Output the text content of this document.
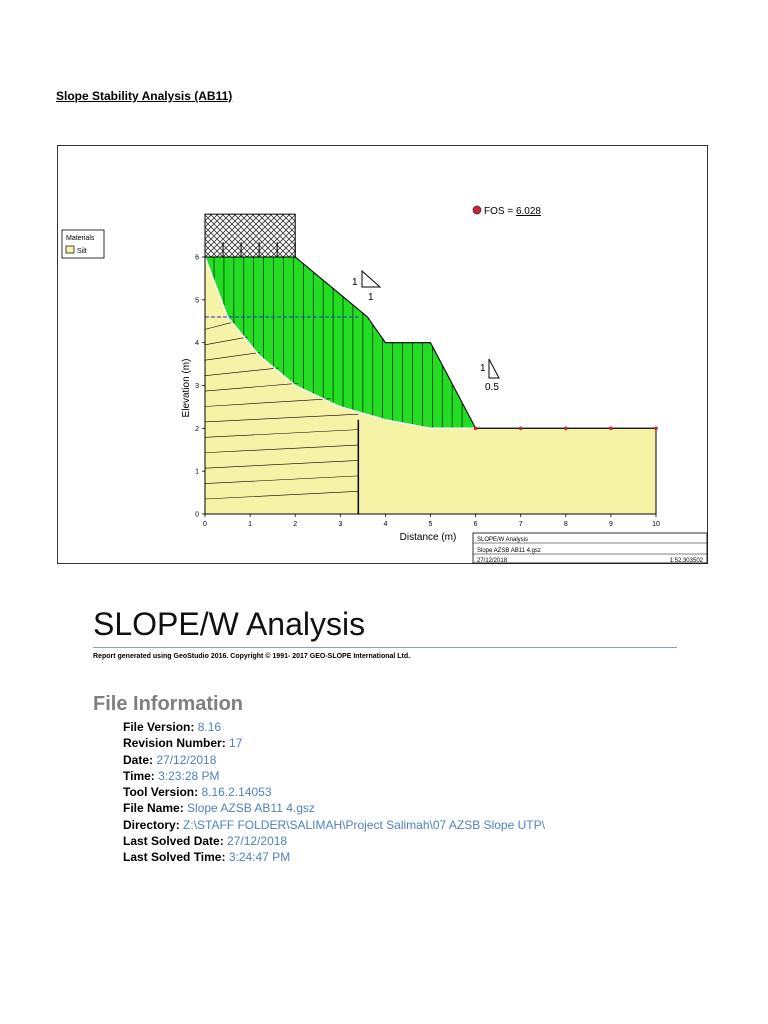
Slope Stability Analysis (AB11)
0	1	2	3	4	5	6	7	8	9	10
0
1
2
3
4
5
6
Distance (m)
Elevation (m)
Materials
Silt
FOS = 6.028
1
1
1
0.5
SLOPE/W Analysis
Slope AZSB AB11 4.gsz
27/12/2018	1:52.303502
SLOPE/W Analysis
Report generated using GeoStudio 2016. Copyright © 1991- 2017 GEO-SLOPE International Ltd.
File Information
File Version: 8.16
Revision Number: 17
Date: 27/12/2018
Time: 3:23:28 PM
Tool Version: 8.16.2.14053
File Name: Slope AZSB AB11 4.gsz
Directory: Z:\STAFF FOLDER\SALIMAH\Project Salimah\07 AZSB Slope UTP\
Last Solved Date: 27/12/2018
Last Solved Time: 3:24:47 PM
